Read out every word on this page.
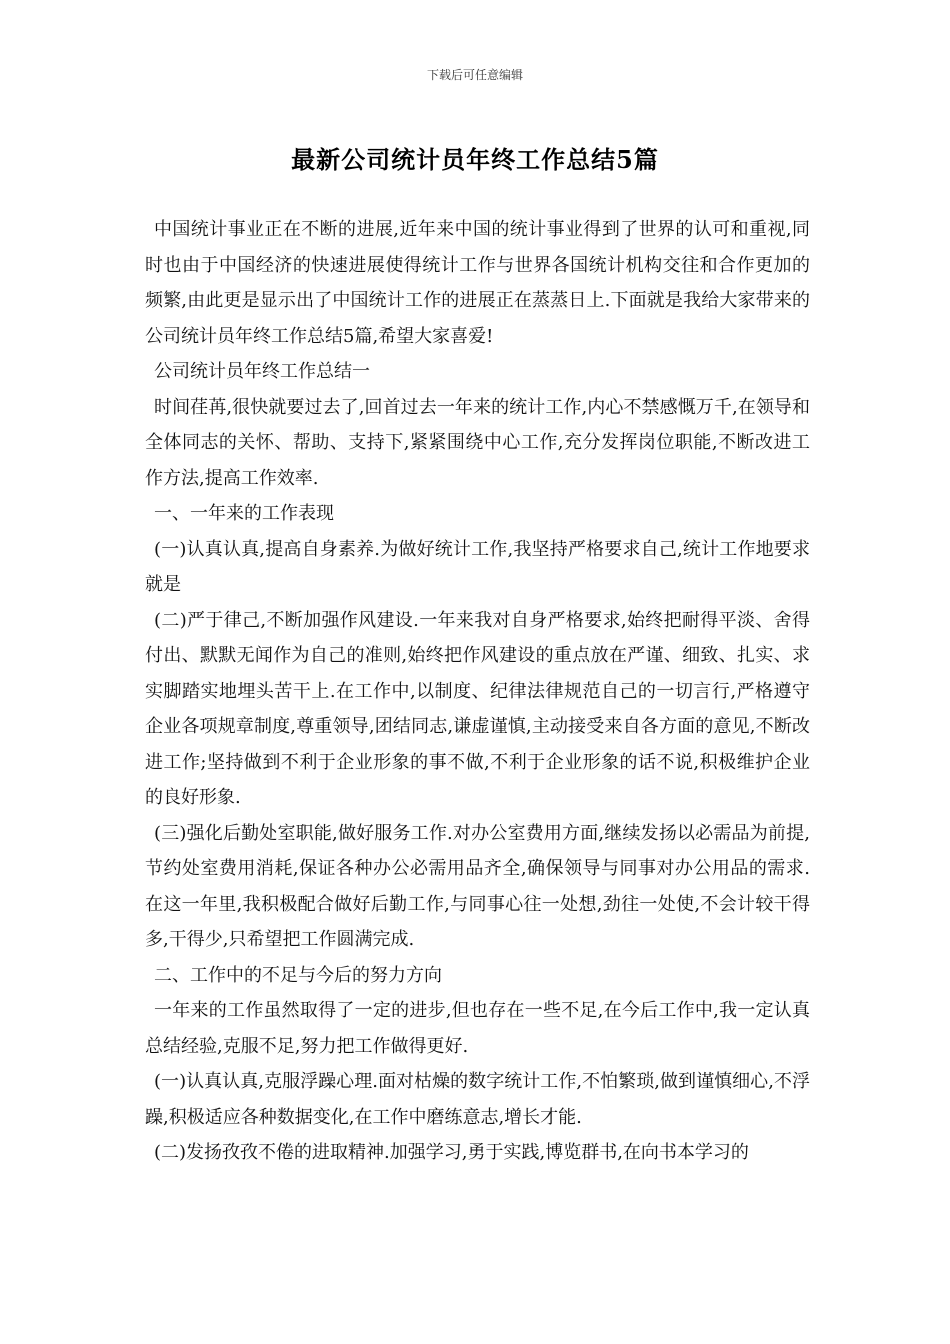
下载后可任意编辑
最新公司统计员年终工作总结5篇

中国统计事业正在不断的进展,近年来中国的统计事业得到了世界的认可和重视,同时也由于中国经济的快速进展使得统计工作与世界各国统计机构交往和合作更加的频繁,由此更是显示出了中国统计工作的进展正在蒸蒸日上.下面就是我给大家带来的公司统计员年终工作总结5篇,希望大家喜爱!

公司统计员年终工作总结一

时间荏苒,很快就要过去了,回首过去一年来的统计工作,内心不禁感慨万千,在领导和全体同志的关怀、帮助、支持下,紧紧围绕中心工作,充分发挥岗位职能,不断改进工作方法,提高工作效率.

一、一年来的工作表现

(一)认真认真,提高自身素养.为做好统计工作,我坚持严格要求自己,统计工作地要求就是

(二)严于律己,不断加强作风建设.一年来我对自身严格要求,始终把耐得平淡、舍得付出、默默无闻作为自己的准则,始终把作风建设的重点放在严谨、细致、扎实、求实脚踏实地埋头苦干上.在工作中,以制度、纪律法律规范自己的一切言行,严格遵守企业各项规章制度,尊重领导,团结同志,谦虚谨慎,主动接受来自各方面的意见,不断改进工作;坚持做到不利于企业形象的事不做,不利于企业形象的话不说,积极维护企业的良好形象.

(三)强化后勤处室职能,做好服务工作.对办公室费用方面,继续发扬以必需品为前提,节约处室费用消耗,保证各种办公必需用品齐全,确保领导与同事对办公用品的需求.在这一年里,我积极配合做好后勤工作,与同事心往一处想,劲往一处使,不会计较干得多,干得少,只希望把工作圆满完成.

二、工作中的不足与今后的努力方向

一年来的工作虽然取得了一定的进步,但也存在一些不足,在今后工作中,我一定认真总结经验,克服不足,努力把工作做得更好.

(一)认真认真,克服浮躁心理.面对枯燥的数字统计工作,不怕繁琐,做到谨慎细心,不浮躁,积极适应各种数据变化,在工作中磨练意志,增长才能.

(二)发扬孜孜不倦的进取精神.加强学习,勇于实践,博览群书,在向书本学习的
